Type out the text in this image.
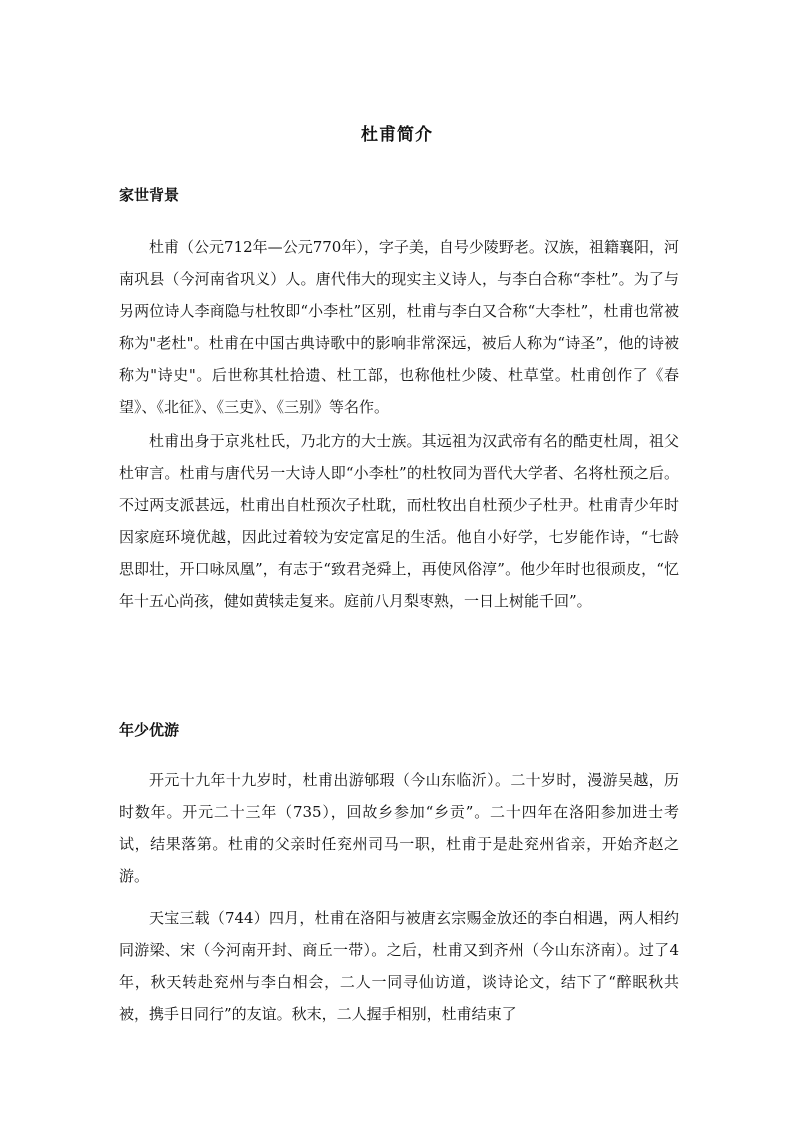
杜甫简介
家世背景

杜甫（公元712年—公元770年），字子美，自号少陵野老。汉族，祖籍襄阳，河南巩县（今河南省巩义）人。唐代伟大的现实主义诗人，与李白合称“李杜”。为了与另两位诗人李商隐与杜牧即“小李杜”区别，杜甫与李白又合称“大李杜”，杜甫也常被称为"老杜"。杜甫在中国古典诗歌中的影响非常深远，被后人称为“诗圣”，他的诗被称为"诗史"。后世称其杜拾遗、杜工部，也称他杜少陵、杜草堂。杜甫创作了《春望》、《北征》、《三吏》、《三别》等名作。

杜甫出身于京兆杜氏，乃北方的大士族。其远祖为汉武帝有名的酷吏杜周，祖父杜审言。杜甫与唐代另一大诗人即“小李杜”的杜牧同为晋代大学者、名将杜预之后。不过两支派甚远，杜甫出自杜预次子杜耽，而杜牧出自杜预少子杜尹。杜甫青少年时因家庭环境优越，因此过着较为安定富足的生活。他自小好学，七岁能作诗，“七龄思即壮，开口咏凤凰”，有志于“致君尧舜上，再使风俗淳”。他少年时也很顽皮，“忆年十五心尚孩，健如黄犊走复来。庭前八月梨枣熟，一日上树能千回”。

年少优游

开元十九年十九岁时，杜甫出游郇瑕（今山东临沂）。二十岁时，漫游吴越，历时数年。开元二十三年（735），回故乡参加“乡贡”。二十四年在洛阳参加进士考试，结果落第。杜甫的父亲时任兖州司马一职，杜甫于是赴兖州省亲，开始齐赵之游。

天宝三载（744）四月，杜甫在洛阳与被唐玄宗赐金放还的李白相遇，两人相约同游梁、宋（今河南开封、商丘一带）。之后，杜甫又到齐州（今山东济南）。过了4年，秋天转赴兖州与李白相会，二人一同寻仙访道，谈诗论文，结下了“醉眠秋共被，携手日同行”的友谊。秋末，二人握手相别，杜甫结束了
